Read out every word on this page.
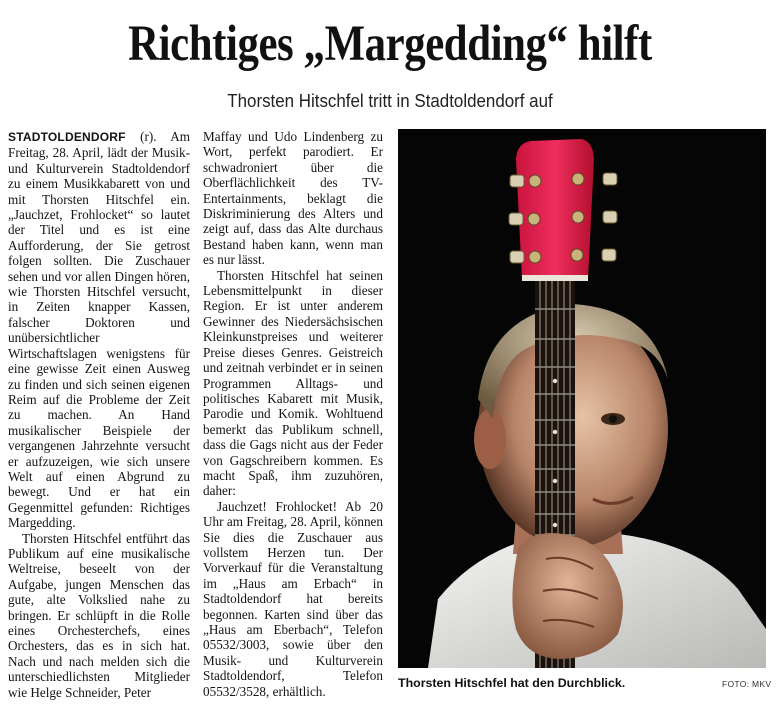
Richtiges „Margedding“ hilft
Thorsten Hitschfel tritt in Stadtoldendorf auf

STADTOLDENDORF (r). Am Freitag, 28. April, lädt der Musik- und Kulturverein Stadtoldendorf zu einem Musikkabarett von und mit Thorsten Hitschfel ein. „Jauchzet, Frohlocket“ so lautet der Titel und es ist eine Aufforderung, der Sie getrost folgen sollten. Die Zuschauer sehen und vor allen Dingen hören, wie Thorsten Hitschfel versucht, in Zeiten knapper Kassen, falscher Doktoren und unübersichtlicher Wirtschaftslagen wenigstens für eine gewisse Zeit einen Ausweg zu finden und sich seinen eigenen Reim auf die Probleme der Zeit zu machen. An Hand musikalischer Beispiele der vergangenen Jahrzehnte versucht er aufzuzeigen, wie sich unsere Welt auf einen Abgrund zu bewegt. Und er hat ein Gegenmittel gefunden: Richtiges Margedding.

Thorsten Hitschfel entführt das Publikum auf eine musikalische Weltreise, beseelt von der Aufgabe, jungen Menschen das gute, alte Volkslied nahe zu bringen. Er schlüpft in die Rolle eines Orchesterchefs, eines Orchesters, das es in sich hat. Nach und nach melden sich die unterschiedlichsten Mitglieder wie Helge Schneider, Peter

Maffay und Udo Lindenberg zu Wort, perfekt parodiert. Er schwadroniert über die Oberflächlichkeit des TV-Entertainments, beklagt die Diskriminierung des Alters und zeigt auf, dass das Alte durchaus Bestand haben kann, wenn man es nur lässt.

Thorsten Hitschfel hat seinen Lebensmittelpunkt in dieser Region. Er ist unter anderem Gewinner des Niedersächsischen Kleinkunstpreises und weiterer Preise dieses Genres. Geistreich und zeitnah verbindet er in seinen Programmen Alltags- und politisches Kabarett mit Musik, Parodie und Komik. Wohltuend bemerkt das Publikum schnell, dass die Gags nicht aus der Feder von Gagschreibern kommen. Es macht Spaß, ihm zuzuhören, daher:

Jauchzet! Frohlocket! Ab 20 Uhr am Freitag, 28. April, können Sie dies die Zuschauer aus vollstem Herzen tun. Der Vorverkauf für die Veranstaltung im „Haus am Erbach“ in Stadtoldendorf hat bereits begonnen. Karten sind über das „Haus am Eberbach“, Telefon 05532/3003, sowie über den Musik- und Kulturverein Stadtoldendorf, Telefon 05532/3528, erhältlich.

Thorsten Hitschfel hat den Durchblick.	FOTO: MKV
